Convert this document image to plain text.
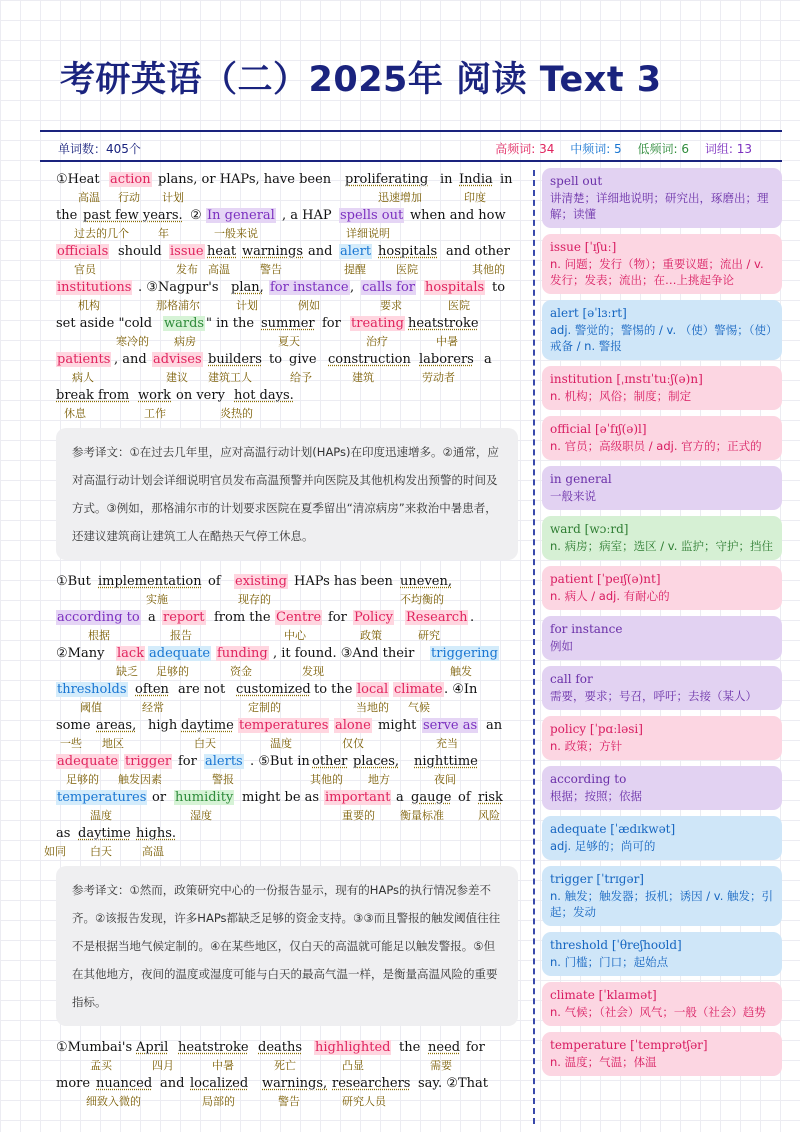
考研英语（二）2025年 阅读 Text 3
单词数：405个	高频词: 34 中频词: 5 低频词: 6 词组: 13
①Heat action plans, or HAPs, have been proliferating in India in
高温 行动 计划	迅速增加	印度
the past few years. ② In general , a HAP spells out when and how
过去的几个	年	一般来说	详细说明
officials should issue heat warnings and alert hospitals and other
官员	发布 高温	警告	提醒	医院	其他的
institutions . ③Nagpur's plan, for instance , calls for hospitals to
机构	那格浦尔	计划	例如	要求	医院
set aside "cold wards " in the summer for treating heatstroke
寒冷的 病房	夏天	治疗	中暑
patients , and advises builders to give construction laborers a
病人	建议 建筑工人	给予	建筑	劳动者
break from work on very hot days.
休息	工作	炎热的
参考译文：①在过去几年里，应对高温行动计划(HAPs)在印度迅速增多。②通常，应对高温行动计划会详细说明官员发布高温预警并向医院及其他机构发出预警的时间及方式。③例如，那格浦尔市的计划要求医院在夏季留出“清凉病房”来救治中暑患者，还建议建筑商让建筑工人在酷热天气停工休息。
①But implementation of existing HAPs has been uneven,
实施	现存的	不均衡的
according to a report from the Centre for Policy Research .
根据	报告	中心	政策	研究
②Many lack adequate funding , it found. ③And their triggering
缺乏 足够的	资金	发现	触发
thresholds often are not customized to the local climate . ④In
阈值	经常	定制的	当地的 气候
some areas, high daytime temperatures alone might serve as an
一些 地区	白天	温度	仅仅	充当
adequate trigger for alerts . ⑤But in other places, nighttime
足够的 触发因素	警报	其他的 地方	夜间
temperatures or humidity might be as important a gauge of risk
温度	湿度	重要的 衡量标准	风险
as daytime highs.
如同 白天	高温
参考译文：①然而，政策研究中心的一份报告显示，现有的HAPs的执行情况参差不齐。②该报告发现，许多HAPs都缺乏足够的资金支持。③③而且警报的触发阈值往往不是根据当地气候定制的。④在某些地区，仅白天的高温就可能足以触发警报。⑤但在其他地方，夜间的温度或湿度可能与白天的最高气温一样，是衡量高温风险的重要指标。
①Mumbai's April heatstroke deaths highlighted the need for
孟买	四月	中暑	死亡	凸显	需要
more nuanced and localized warnings, researchers say. ②That
细致入微的	局部的	警告	研究人员
spell out
讲清楚；详细地说明；研究出，琢磨出；理解；读懂
issue [ˈɪʃuː]
n. 问题；发行（物）；重要议题；流出 / v. 发行；发表；流出；在…上挑起争论
alert [əˈlɜːrt]
adj. 警觉的；警惕的 / v. （使）警惕；（使）戒备 / n. 警报
institution [ˌɪnstɪˈtuːʃ(ə)n]
n. 机构；风俗；制度；制定
official [əˈfɪʃ(ə)l]
n. 官员；高级职员 / adj. 官方的；正式的
in general
一般来说
ward [wɔːrd]
n. 病房；病室；选区 / v. 监护；守护；挡住
patient [ˈpeɪʃ(ə)nt]
n. 病人 / adj. 有耐心的
for instance
例如
call for
需要，要求；号召，呼吁；去接（某人）
policy [ˈpɑːləsi]
n. 政策；方针
according to
根据；按照；依据
adequate [ˈædɪkwət]
adj. 足够的；尚可的
trigger [ˈtrɪɡər]
n. 触发；触发器；扳机；诱因 / v. 触发；引起；发动
threshold [ˈθreʃhoʊld]
n. 门槛；门口；起始点
climate [ˈklaɪmət]
n. 气候；（社会）风气；一般（社会）趋势
temperature [ˈtemprətʃər]
n. 温度；气温；体温
